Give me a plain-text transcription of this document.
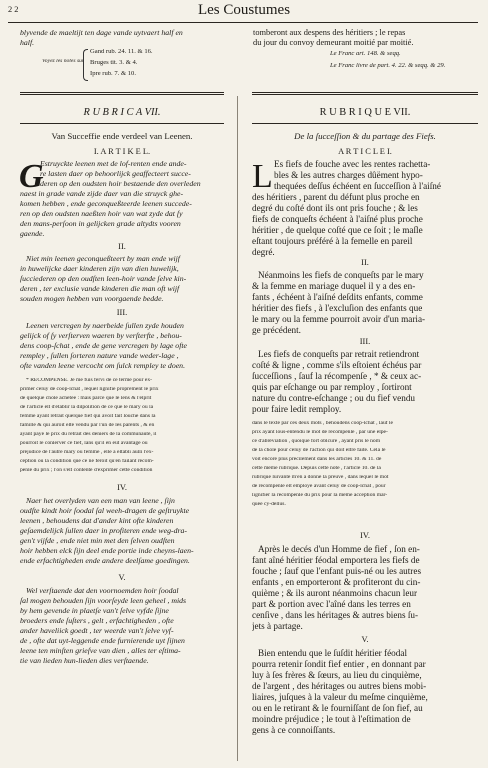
2 2	Les Coustumes
blyvende de maeltijt ten dage vande uytvaert half en
half.
Voyez les notes sur
Gand rub. 24. 11. & 16.
Bruges tit. 3. & 4.
Ipre rub. 7. & 10.
tomberont aux despens des héritiers ; le repas
du jour du convoy demeurant moitié par moitié.
Le Franc art. 148. & seqq.
Le Franc livre de part. 4. 22. & seqq. & 29.
R U B R I C A VII.
Van Succeffie ende verdeel van Leenen.
I. A R T I K E L.
G
Estruyckte leenen met de lof-renten ende ande-
re lasten daer op behoorlijck geaffecteert succe-
deren op den oudsten hoir bestaende den overleden
naest in grade vande zijde daer van die struyck ghe-
komen hebben , ende geconqueßteerde leenen succede-
ren op den oudsten naeßten hoir van wat zyde dat ſy
den mans-perſoon in gelijcken grade altydts vooren
gaende.
II.
Niet min leenen geconqueßteert by man ende wijf
in huwelijcke daer kinderen zijn van dien huwelijk,
ſucciederen op den oudſten leen-hoir vande ſelve kin-
deren , ter exclusie vande kinderen die man oft wijf
souden mogen hebben van voorgaende bedde.
III.
Leenen vercregen by naerbeide ſullen zyde houden
gelijck of ſy verſterven waeren by verſterfte , behou-
dens coop-ſchat , ende de gene vercregen by lage ofte
rempley , ſullen ſorteren nature vande weder-lage ,
ofte vanden leene vercocht om ſulck rempley te doen.
* RECOMPENSE. Je me fuis fervi de ce terme pour ex-
primer celuy de coop-ſchat , lequel ſignifie proprement le prix
de quelque choſe achetée : mais parce que le ſens & l'eſprit
de l'article eſt d'établir la diſpoſition de ce que le mary ou la
femme ayant retrait quelque fief qui avoit fait ſouche dans la
famille & qui auroit eſté vendu par l'un de ſes parents , & en
ayant payé le prix du retrait des deniers de la communauté, il
pourroit le conſerver ce fief, ſans qu'il en eût avantage ou
préjudice de l'autre mary ou femme , elle a eſtabli auſſi l'ex-
ception ou la condition que ce ne feroit qu'en faiſant récom-
penſe du prix ; l'on s'eſt contenté d'exprimer cette condition
IV.
Naer het overlyden van een man van leene , ſijn
oudſte kindt hoir ſoodal ſal weeh-dragen de geſtruykte
leenen , behoudens dat d'ander kint ofte kinderen
geſaemdelijck ſullen daer in profiteren ende weg-dra-
gen't vijfde , ende niet min met den ſelven oudſten
hoir hebben elck ſijn deel ende portie inde cheyns-laen-
ende erfachtigheden ende andere deelſame goedingen.
V.
Wel verſtaende dat den voornoemden hoir ſoodal
ſal mogen behouden ſijn voorſeyde leen geheel , mids
by hem gevende in plaetſe van't ſelve vyfde ſijne
broeders ende ſuſters , gelt , erfachtigheden , ofte
ander haveliick goedt , ter weerde van't ſelve vyf-
de , ofte dat uyt-leggende ende furnierende uyt ſijnen
leene ten minſten grieſve van dien , alles ter eſtima-
tie van lieden hun-lieden dies verſtaende.
R U B R I Q U E VII.
De la ſucceſſion & du partage des Fiefs.
A R T I C L E I.
L Es fiefs de fouche avec les rentes rachetta-
bles & les autres charges dûëment hypo-
thequées deſſus échéent en ſucceſſion à l'aiſné
des héritiers , parent du défunt plus proche en
degré du coſté dont ils ont pris fouche ; & les
fiefs de conqueſts échéent à l'aiſné plus proche
héritier , de quelque coſté que ce ſoit ; le maſle
eſtant toujours préféré à la femelle en pareil
degré.
II.
Néanmoins les fiefs de conqueſts par le mary
& la femme en mariage duquel il y a des en-
fants , échéent à l'aiſné deſdits enfants, comme
héritier des fiefs , à l'excluſion des enfants que
le mary ou la femme pourroit avoir d'un maria-
ge précédent.
III.
Les fiefs de conqueſts par retrait retiendront
coſté & ligne , comme s'ils eſtoient échéus par
ſucceſſions , ſauf la récompenſe , * & ceux ac-
quis par eſchange ou par remploy , ſortiront
nature du contre-eſchange ; ou du fief vendu
pour faire ledit remploy.
dans le texte par ces deux mots , behoudens coop-ſchat , ſauf le
prix ayant ſous-entendu le mot de récompenſe , par une eſpe-
ce d'abréviation , quoique fort obſcure , ayant pris le nom
de la choſe pour celuy de l'action qui doit eſtre faite. Cela ſe
voit encore plus préciſément dans les articles 10. & 11. de
cette même rubrique. Depuis cette note , l'article 10. de la
rubrique ſuivante m'en a donné la preuve , dans lequel le mot
de récompenſe eſt employé avant celuy de coop-ſchat , pour
ſignifier la récompenſe du prix pour la même acception mar-
quée cy-deſſus.
IV.
Après le decés d'un Homme de fief , ſon en-
fant aîné héritier féodal emportera les fiefs de
fouche ; ſauf que l'enfant puis-né ou les autres
enfants , en emporteront & profiteront du cin-
quième ; & ils auront néanmoins chacun leur
part & portion avec l'aîné dans les terres en
cenſive , dans les héritages & autres biens ſu-
jets à partage.
V.
Bien entendu que le ſuſdit héritier féodal
pourra retenir ſondit fief entier , en donnant par
luy à ſes frères & ſœurs, au lieu du cinquième,
de l'argent , des héritages ou autres biens mobi-
liaires, juſques à la valeur du meſme cinquième,
ou en le retirant & le fourniſſant de ſon fief, au
moindre préjudice ; le tout à l'eſtimation de
gens à ce connoiſſants.
